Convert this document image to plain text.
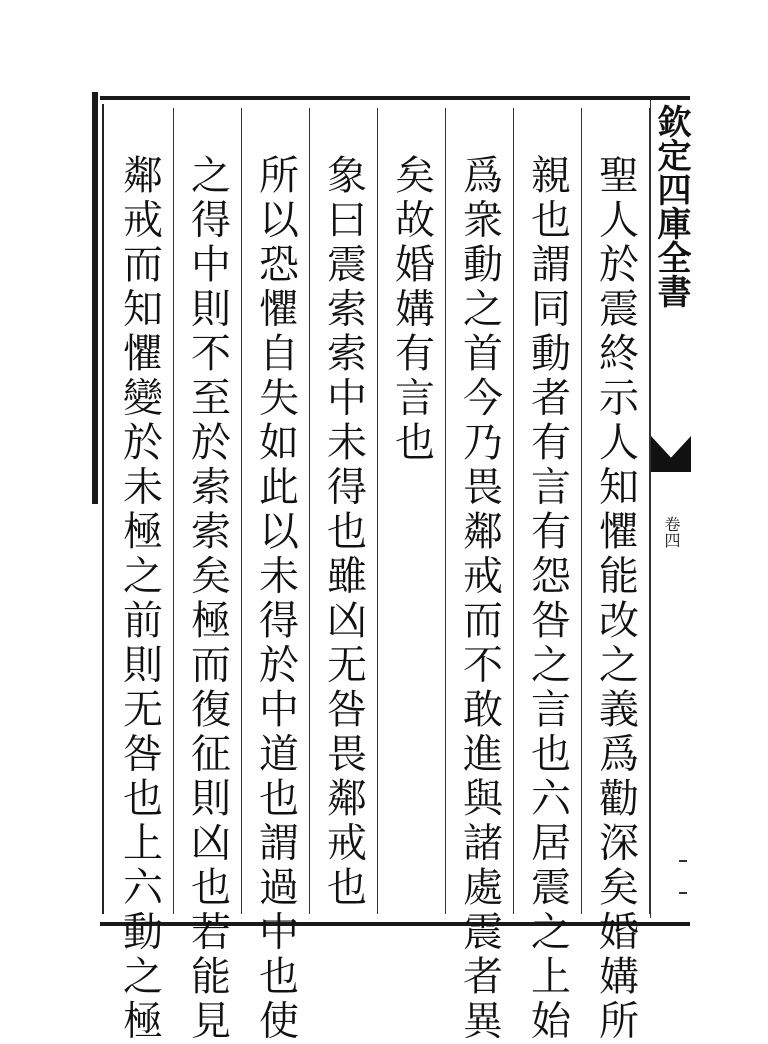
欽定四庫全書
卷四
聖人於震終示人知懼能改之義爲勸深矣婚媾所
親也謂同動者有言有怨咎之言也六居震之上始
爲衆動之首今乃畏鄰戒而不敢進與諸處震者異
矣故婚媾有言也
象曰震索索中未得也雖凶无咎畏鄰戒也
所以恐懼自失如此以未得於中道也謂過中也使
之得中則不至於索索矣極而復征則凶也若能見
鄰戒而知懼變於未極之前則无咎也上六動之極
